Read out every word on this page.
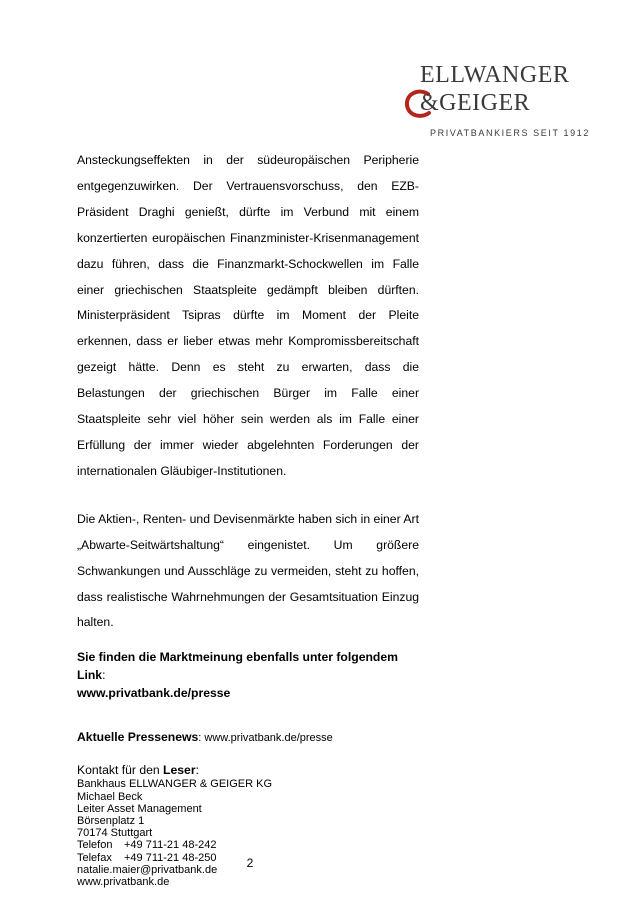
ELLWANGER
&GEIGER
PRIVATBANKIERS SEIT 1912

Ansteckungseffekten in der südeuropäischen Peripherie entgegenzuwirken. Der Vertrauensvorschuss, den EZB-Präsident Draghi genießt, dürfte im Verbund mit einem konzertierten europäischen Finanzminister-Krisenmanagement dazu führen, dass die Finanzmarkt-Schockwellen im Falle einer griechischen Staatspleite gedämpft bleiben dürften. Ministerpräsident Tsipras dürfte im Moment der Pleite erkennen, dass er lieber etwas mehr Kompromissbereitschaft gezeigt hätte. Denn es steht zu erwarten, dass die Belastungen der griechischen Bürger im Falle einer Staatspleite sehr viel höher sein werden als im Falle einer Erfüllung der immer wieder abgelehnten Forderungen der internationalen Gläubiger-Institutionen.

Die Aktien-, Renten- und Devisenmärkte haben sich in einer Art „Abwarte-Seitwärtshaltung“ eingenistet. Um größere Schwankungen und Ausschläge zu vermeiden, steht zu hoffen, dass realistische Wahrnehmungen der Gesamtsituation Einzug halten.

Sie finden die Marktmeinung ebenfalls unter folgendem Link:
www.privatbank.de/presse
Aktuelle Pressenews: www.privatbank.de/presse
Kontakt für den Leser:
Bankhaus ELLWANGER & GEIGER KG
Michael Beck
Leiter Asset Management
Börsenplatz 1
70174 Stuttgart
Telefon +49 711-21 48-242
Telefax +49 711-21 48-250
natalie.maier@privatbank.de
www.privatbank.de
2
